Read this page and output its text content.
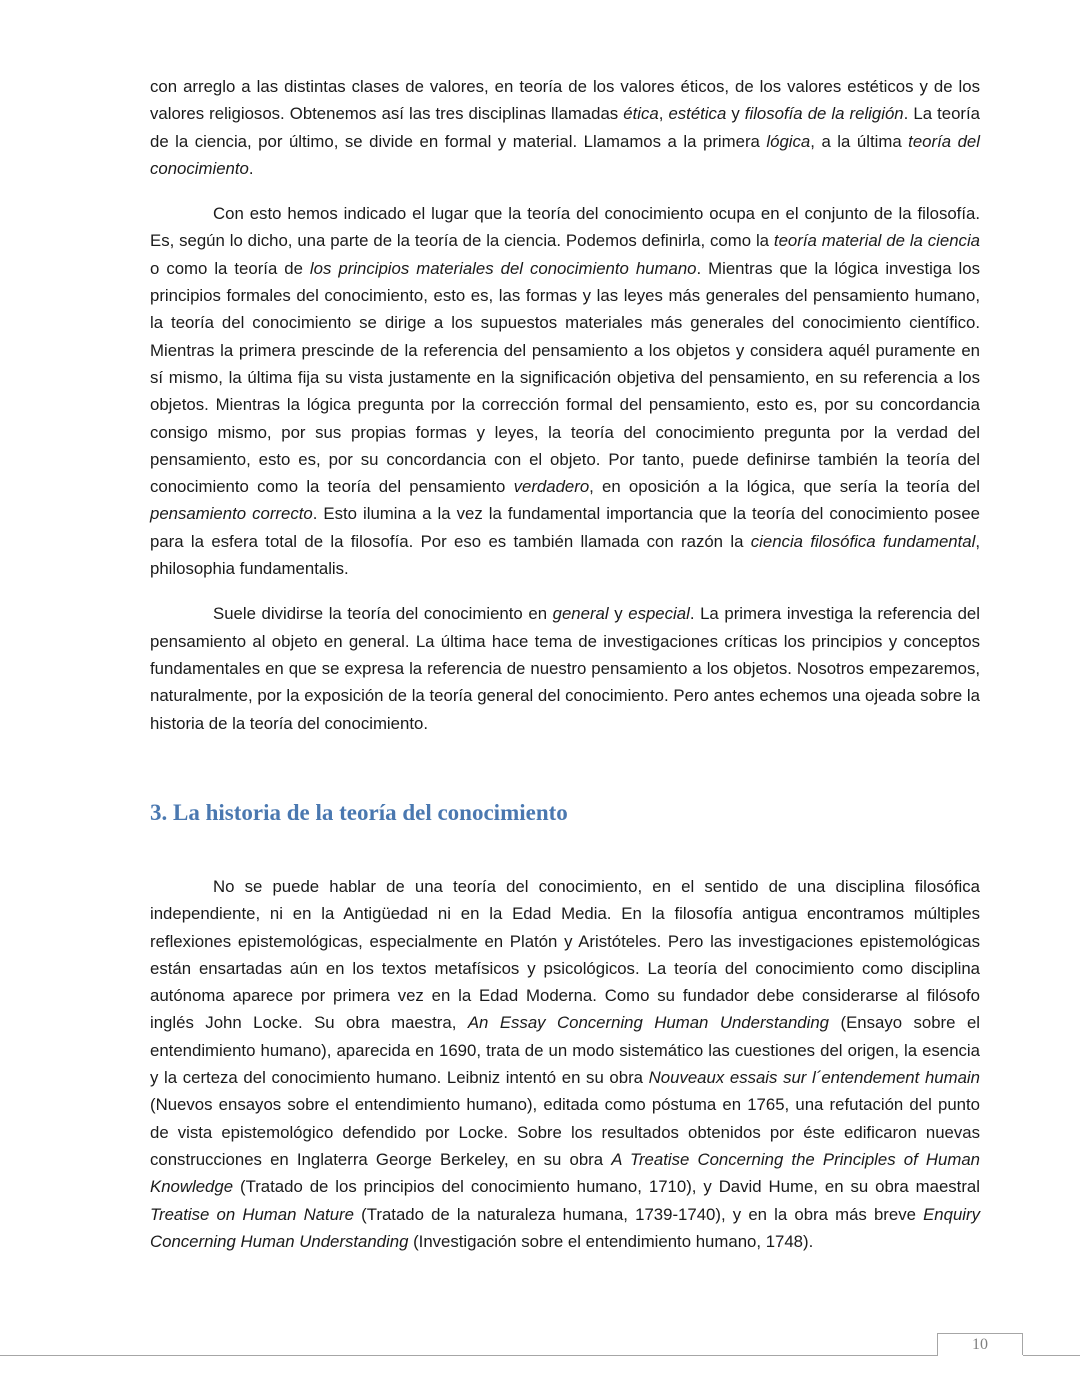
con arreglo a las distintas clases de valores, en teoría de los valores éticos, de los valores estéticos y de los valores religiosos. Obtenemos así las tres disciplinas llamadas ética, estética y filosofía de la religión. La teoría de la ciencia, por último, se divide en formal y material. Llamamos a la primera lógica, a la última teoría del conocimiento.

Con esto hemos indicado el lugar que la teoría del conocimiento ocupa en el conjunto de la filosofía. Es, según lo dicho, una parte de la teoría de la ciencia. Podemos definirla, como la teoría material de la ciencia o como la teoría de los principios materiales del conocimiento humano. Mientras que la lógica investiga los principios formales del conocimiento, esto es, las formas y las leyes más generales del pensamiento humano, la teoría del conocimiento se dirige a los supuestos materiales más generales del conocimiento científico. Mientras la primera prescinde de la referencia del pensamiento a los objetos y considera aquél puramente en sí mismo, la última fija su vista justamente en la significación objetiva del pensamiento, en su referencia a los objetos. Mientras la lógica pregunta por la corrección formal del pensamiento, esto es, por su concordancia consigo mismo, por sus propias formas y leyes, la teoría del conocimiento pregunta por la verdad del pensamiento, esto es, por su concordancia con el objeto. Por tanto, puede definirse también la teoría del conocimiento como la teoría del pensamiento verdadero, en oposición a la lógica, que sería la teoría del pensamiento correcto. Esto ilumina a la vez la fundamental importancia que la teoría del conocimiento posee para la esfera total de la filosofía. Por eso es también llamada con razón la ciencia filosófica fundamental, philosophia fundamentalis.

Suele dividirse la teoría del conocimiento en general y especial. La primera investiga la referencia del pensamiento al objeto en general. La última hace tema de investigaciones críticas los principios y conceptos fundamentales en que se expresa la referencia de nuestro pensamiento a los objetos. Nosotros empezaremos, naturalmente, por la exposición de la teoría general del conocimiento. Pero antes echemos una ojeada sobre la historia de la teoría del conocimiento.

3. La historia de la teoría del conocimiento

No se puede hablar de una teoría del conocimiento, en el sentido de una disciplina filosófica independiente, ni en la Antigüedad ni en la Edad Media. En la filosofía antigua encontramos múltiples reflexiones epistemológicas, especialmente en Platón y Aristóteles. Pero las investigaciones epistemológicas están ensartadas aún en los textos metafísicos y psicológicos. La teoría del conocimiento como disciplina autónoma aparece por primera vez en la Edad Moderna. Como su fundador debe considerarse al filósofo inglés John Locke. Su obra maestra, An Essay Concerning Human Understanding (Ensayo sobre el entendimiento humano), aparecida en 1690, trata de un modo sistemático las cuestiones del origen, la esencia y la certeza del conocimiento humano. Leibniz intentó en su obra Nouveaux essais sur l´entendement humain (Nuevos ensayos sobre el entendimiento humano), editada como póstuma en 1765, una refutación del punto de vista epistemológico defendido por Locke. Sobre los resultados obtenidos por éste edificaron nuevas construcciones en Inglaterra George Berkeley, en su obra A Treatise Concerning the Principles of Human Knowledge (Tratado de los principios del conocimiento humano, 1710), y David Hume, en su obra maestral Treatise on Human Nature (Tratado de la naturaleza humana, 1739-1740), y en la obra más breve Enquiry Concerning Human Understanding (Investigación sobre el entendimiento humano, 1748).

10
